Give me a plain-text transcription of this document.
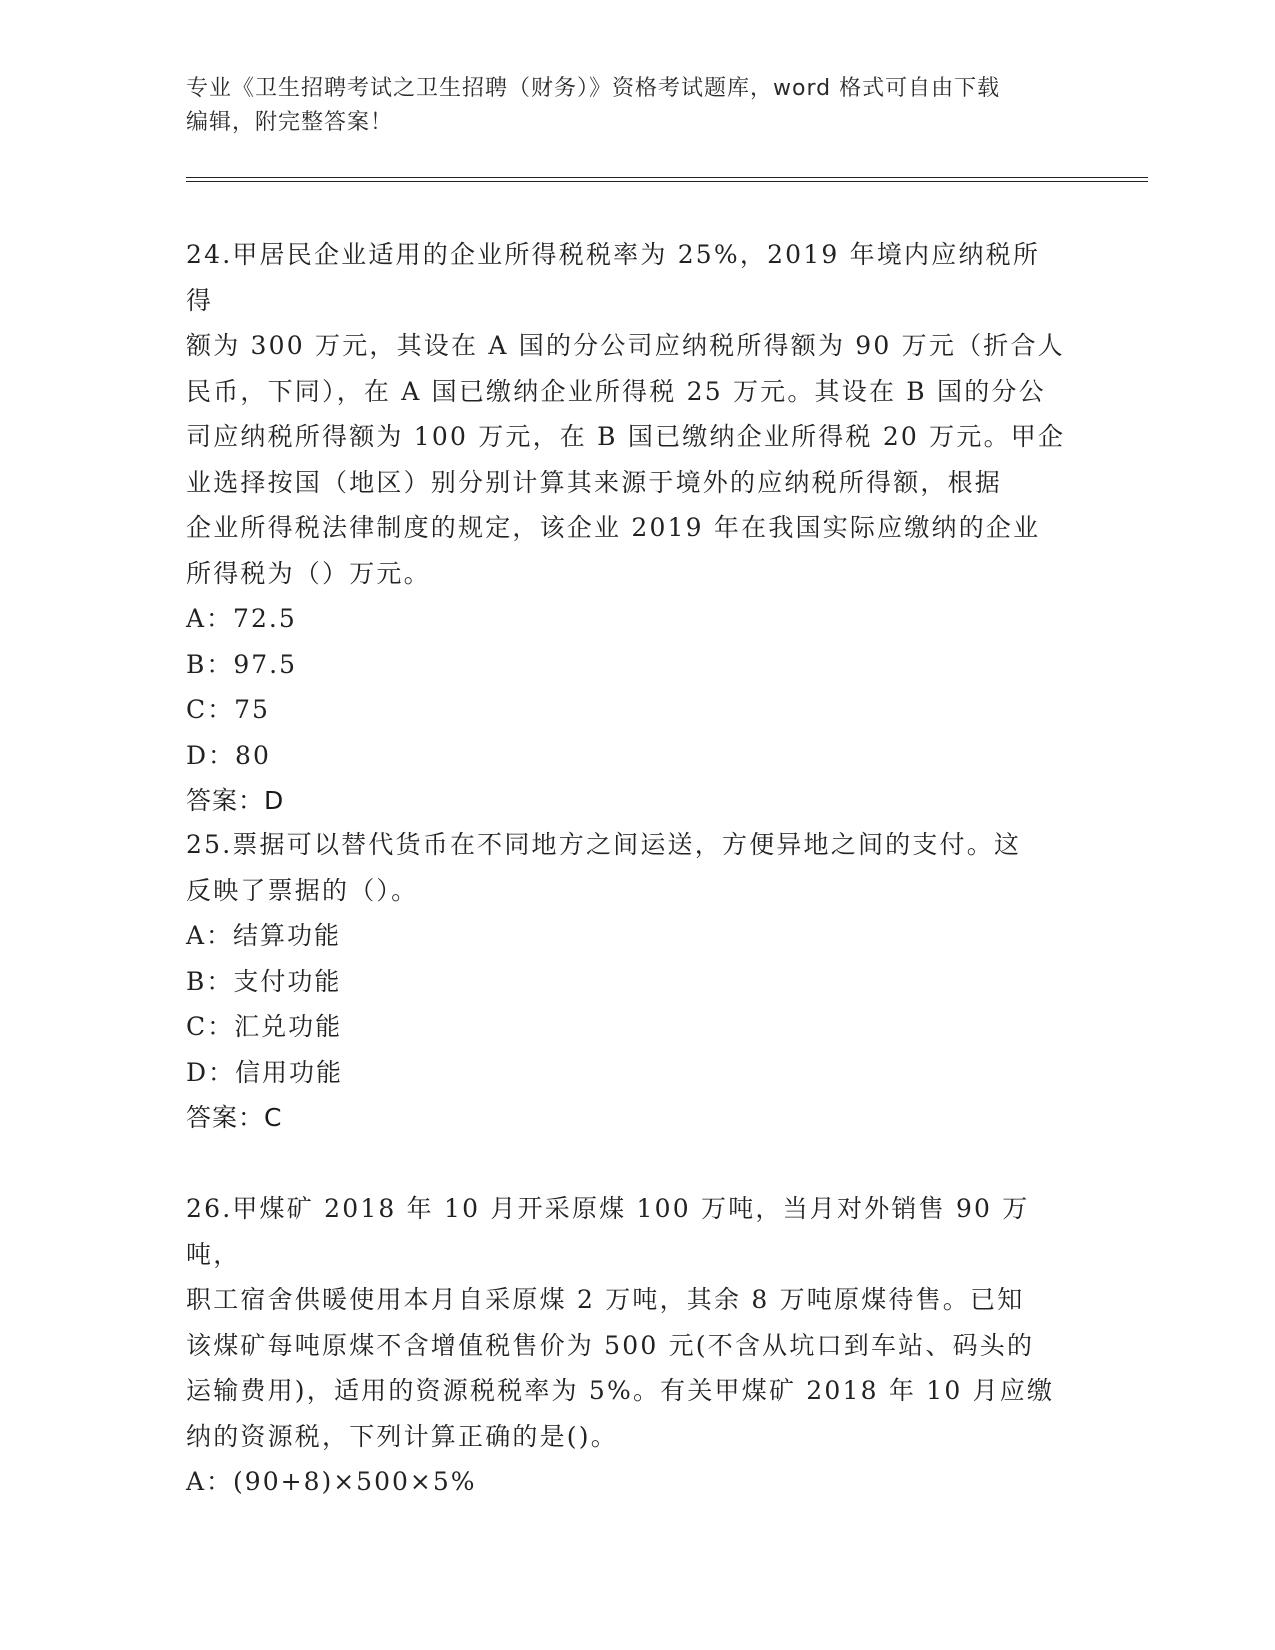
专业《卫生招聘考试之卫生招聘（财务）》资格考试题库，word 格式可自由下载
编辑，附完整答案！

24.甲居民企业适用的企业所得税税率为 25%，2019 年境内应纳税所得

额为 300 万元，其设在 A 国的分公司应纳税所得额为 90 万元（折合人

民币，下同），在 A 国已缴纳企业所得税 25 万元。其设在 B 国的分公

司应纳税所得额为 100 万元，在 B 国已缴纳企业所得税 20 万元。甲企

业选择按国（地区）别分别计算其来源于境外的应纳税所得额，根据

企业所得税法律制度的规定，该企业 2019 年在我国实际应缴纳的企业

所得税为（）万元。

A：72.5

B：97.5

C：75

D：80

答案：D

25.票据可以替代货币在不同地方之间运送，方便异地之间的支付。这

反映了票据的（）。

A：结算功能

B：支付功能

C：汇兑功能

D：信用功能

答案：C

26.甲煤矿 2018 年 10 月开采原煤 100 万吨，当月对外销售 90 万吨，

职工宿舍供暖使用本月自采原煤 2 万吨，其余 8 万吨原煤待售。已知

该煤矿每吨原煤不含增值税售价为 500 元(不含从坑口到车站、码头的

运输费用)，适用的资源税税率为 5%。有关甲煤矿 2018 年 10 月应缴

纳的资源税，下列计算正确的是()。

A：(90+8)×500×5%
